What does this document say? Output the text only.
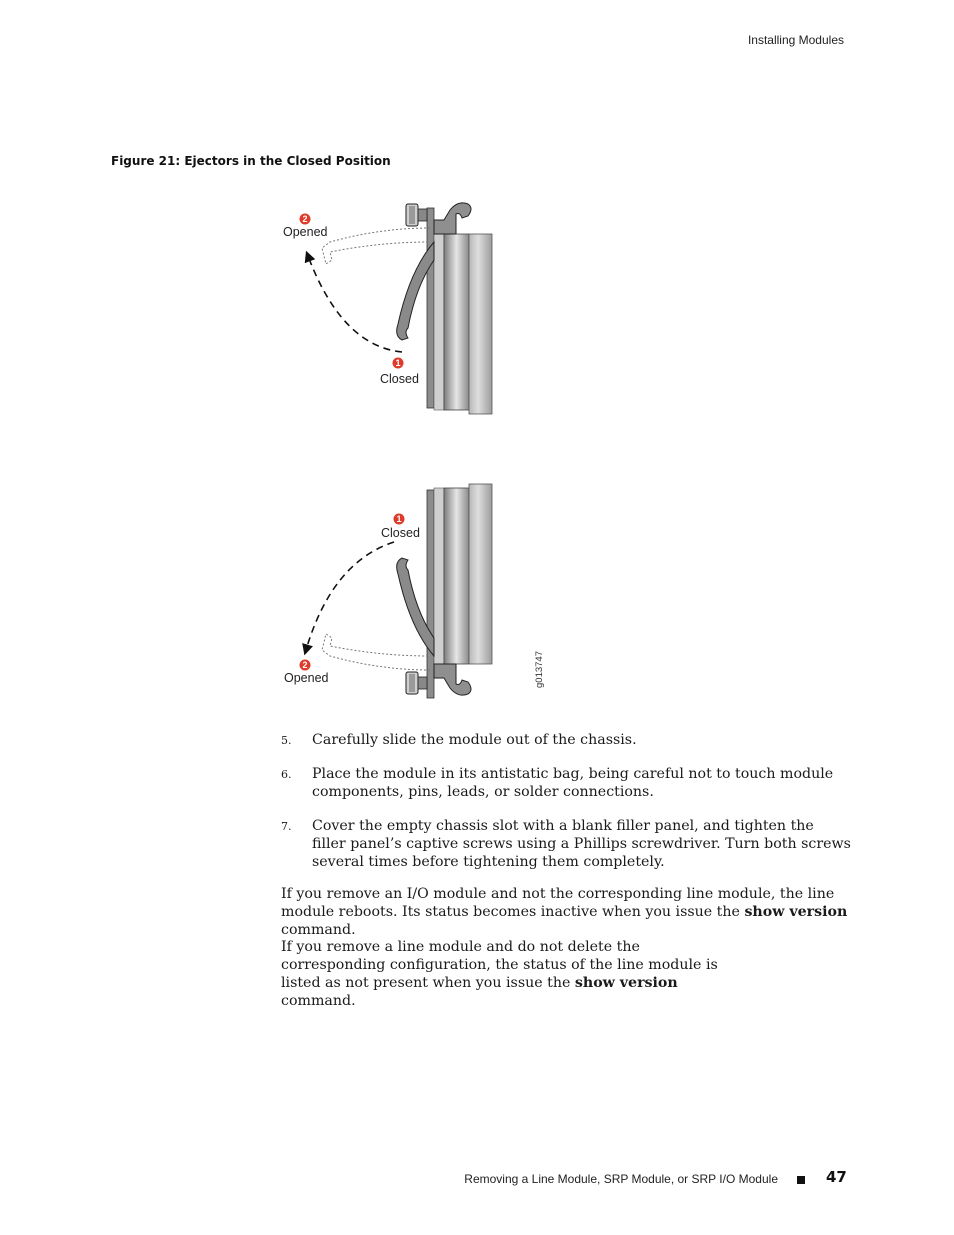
Installing Modules
Figure 21: Ejectors in the Closed Position
2
Opened
1
Closed
1
Closed
2
Opened	g013747
5. Carefully slide the module out of the chassis.
6. Place the module in its antistatic bag, being careful not to touch module components, pins, leads, or solder connections.
7. Cover the empty chassis slot with a blank filler panel, and tighten the filler panel’s captive screws using a Phillips screwdriver. Turn both screws several times before tightening them completely.

If you remove an I/O module and not the corresponding line module, the line module reboots. Its status becomes inactive when you issue the show version command.

If you remove a line module and do not delete the corresponding configuration, the status of the line module is listed as not present when you issue the show version command.

Removing a Line Module, SRP Module, or SRP I/O Module	47
